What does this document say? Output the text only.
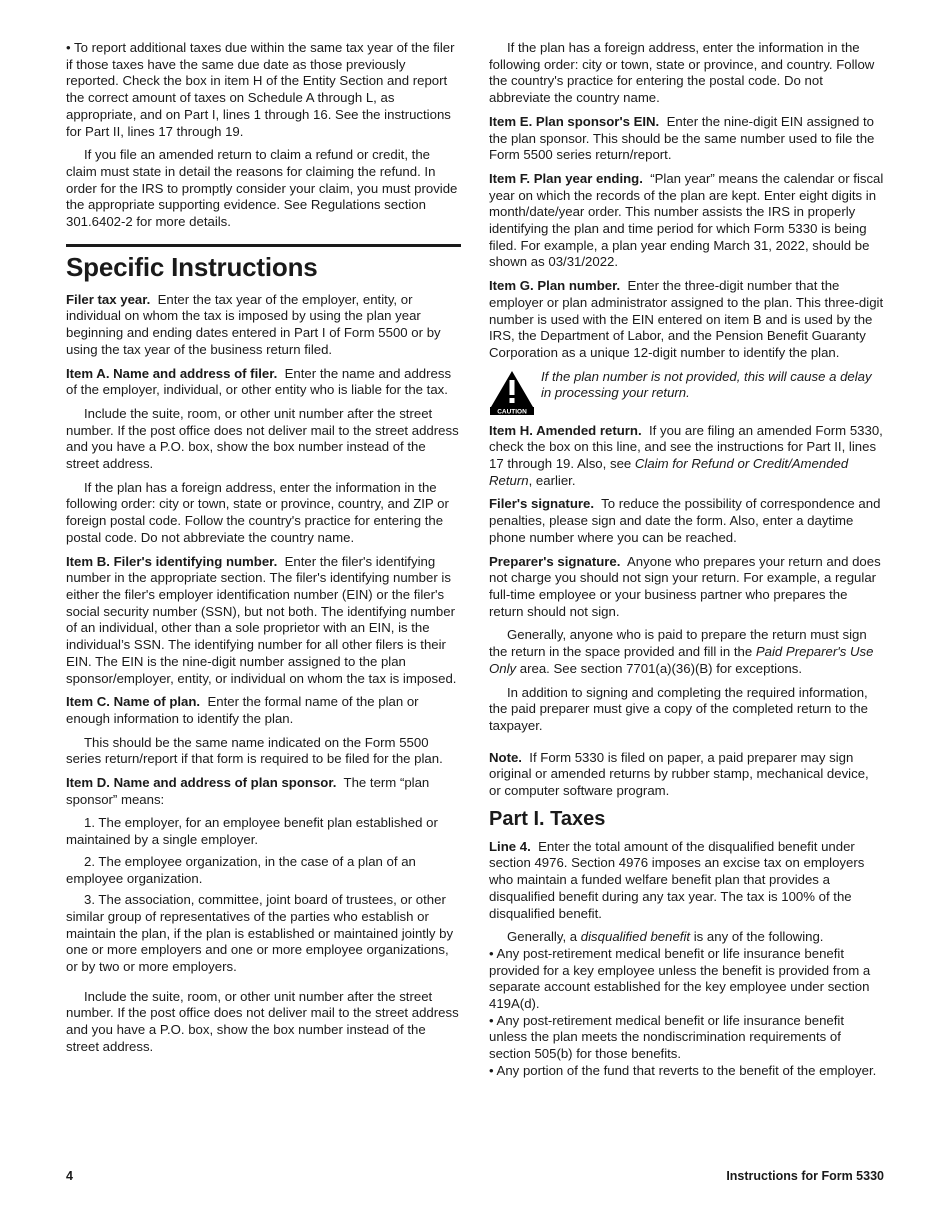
• To report additional taxes due within the same tax year of the filer if those taxes have the same due date as those previously reported. Check the box in item H of the Entity Section and report the correct amount of taxes on Schedule A through L, as appropriate, and on Part I, lines 1 through 16. See the instructions for Part II, lines 17 through 19.

If you file an amended return to claim a refund or credit, the claim must state in detail the reasons for claiming the refund. In order for the IRS to promptly consider your claim, you must provide the appropriate supporting evidence. See Regulations section 301.6402-2 for more details.

Specific Instructions

Filer tax year. Enter the tax year of the employer, entity, or individual on whom the tax is imposed by using the plan year beginning and ending dates entered in Part I of Form 5500 or by using the tax year of the business return filed.

Item A. Name and address of filer. Enter the name and address of the employer, individual, or other entity who is liable for the tax.

Include the suite, room, or other unit number after the street number. If the post office does not deliver mail to the street address and you have a P.O. box, show the box number instead of the street address.

If the plan has a foreign address, enter the information in the following order: city or town, state or province, country, and ZIP or foreign postal code. Follow the country's practice for entering the postal code. Do not abbreviate the country name.

Item B. Filer's identifying number. Enter the filer's identifying number in the appropriate section. The filer's identifying number is either the filer's employer identification number (EIN) or the filer's social security number (SSN), but not both. The identifying number of an individual, other than a sole proprietor with an EIN, is the individual’s SSN. The identifying number for all other filers is their EIN. The EIN is the nine-digit number assigned to the plan sponsor/employer, entity, or individual on whom the tax is imposed.

Item C. Name of plan. Enter the formal name of the plan or enough information to identify the plan.

This should be the same name indicated on the Form 5500 series return/report if that form is required to be filed for the plan.

Item D. Name and address of plan sponsor. The term “plan sponsor” means:

1. The employer, for an employee benefit plan established or maintained by a single employer.

2. The employee organization, in the case of a plan of an employee organization.

3. The association, committee, joint board of trustees, or other similar group of representatives of the parties who establish or maintain the plan, if the plan is established or maintained jointly by one or more employers and one or more employee organizations, or by two or more employers.

Include the suite, room, or other unit number after the street number. If the post office does not deliver mail to the street address and you have a P.O. box, show the box number instead of the street address.

If the plan has a foreign address, enter the information in the following order: city or town, state or province, and country. Follow the country's practice for entering the postal code. Do not abbreviate the country name.

Item E. Plan sponsor's EIN. Enter the nine-digit EIN assigned to the plan sponsor. This should be the same number used to file the Form 5500 series return/report.

Item F. Plan year ending. “Plan year” means the calendar or fiscal year on which the records of the plan are kept. Enter eight digits in month/date/year order. This number assists the IRS in properly identifying the plan and time period for which Form 5330 is being filed. For example, a plan year ending March 31, 2022, should be shown as 03/31/2022.

Item G. Plan number. Enter the three-digit number that the employer or plan administrator assigned to the plan. This three-digit number is used with the EIN entered on item B and is used by the IRS, the Department of Labor, and the Pension Benefit Guaranty Corporation as a unique 12-digit number to identify the plan.

CAUTION
If the plan number is not provided, this will cause a delay in processing your return.

Item H. Amended return. If you are filing an amended Form 5330, check the box on this line, and see the instructions for Part II, lines 17 through 19. Also, see Claim for Refund or Credit/Amended Return, earlier.

Filer's signature. To reduce the possibility of correspondence and penalties, please sign and date the form. Also, enter a daytime phone number where you can be reached.

Preparer's signature. Anyone who prepares your return and does not charge you should not sign your return. For example, a regular full-time employee or your business partner who prepares the return should not sign.

Generally, anyone who is paid to prepare the return must sign the return in the space provided and fill in the Paid Preparer's Use Only area. See section 7701(a)(36)(B) for exceptions.

In addition to signing and completing the required information, the paid preparer must give a copy of the completed return to the taxpayer.

Note. If Form 5330 is filed on paper, a paid preparer may sign original or amended returns by rubber stamp, mechanical device, or computer software program.

Part I. Taxes

Line 4. Enter the total amount of the disqualified benefit under section 4976. Section 4976 imposes an excise tax on employers who maintain a funded welfare benefit plan that provides a disqualified benefit during any tax year. The tax is 100% of the disqualified benefit.

Generally, a disqualified benefit is any of the following.

• Any post-retirement medical benefit or life insurance benefit provided for a key employee unless the benefit is provided from a separate account established for the key employee under section 419A(d).

• Any post-retirement medical benefit or life insurance benefit unless the plan meets the nondiscrimination requirements of section 505(b) for those benefits.

• Any portion of the fund that reverts to the benefit of the employer.

4	Instructions for Form 5330
